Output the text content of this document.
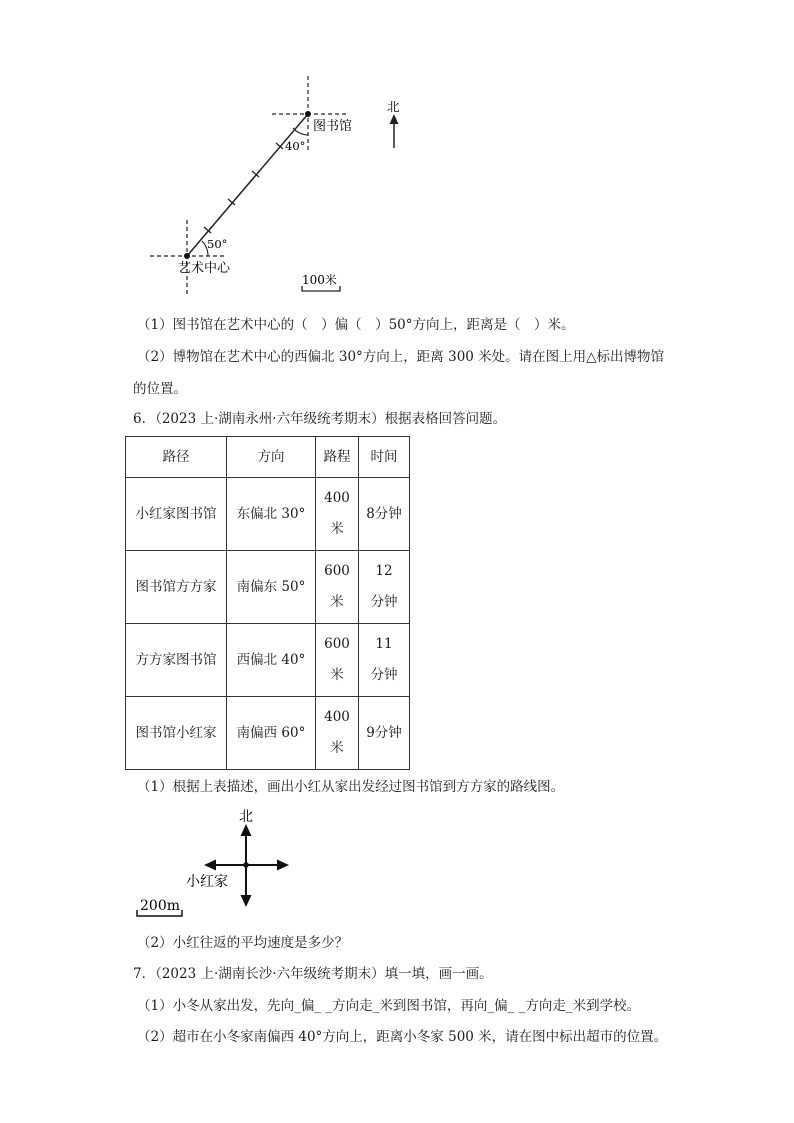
北
图书馆
40°
50°
艺术中心
100米
（1）图书馆在艺术中心的（　）偏（　）50°方向上，距离是（　）米。
（2）博物馆在艺术中心的西偏北 30°方向上，距离 300 米处。请在图上用△标出博物馆
的位置。
6．（2023 上·湖南永州·六年级统考期末）根据表格回答问题。
路径	方向	路程	时间
小红家图书馆	东偏北 30°	400米	8分钟
图书馆方方家	南偏东 50°	600米	12分钟
方方家图书馆	西偏北 40°	600米	11分钟
图书馆小红家	南偏西 60°	400米	9分钟
（1）根据上表描述，画出小红从家出发经过图书馆到方方家的路线图。
北
小红家
200m
（2）小红往返的平均速度是多少？
7．（2023 上·湖南长沙·六年级统考期末）填一填，画一画。
（1）小冬从家出发，先向_偏_ _方向走_米到图书馆，再向_偏_ _方向走_米到学校。
（2）超市在小冬家南偏西 40°方向上，距离小冬家 500 米，请在图中标出超市的位置。
